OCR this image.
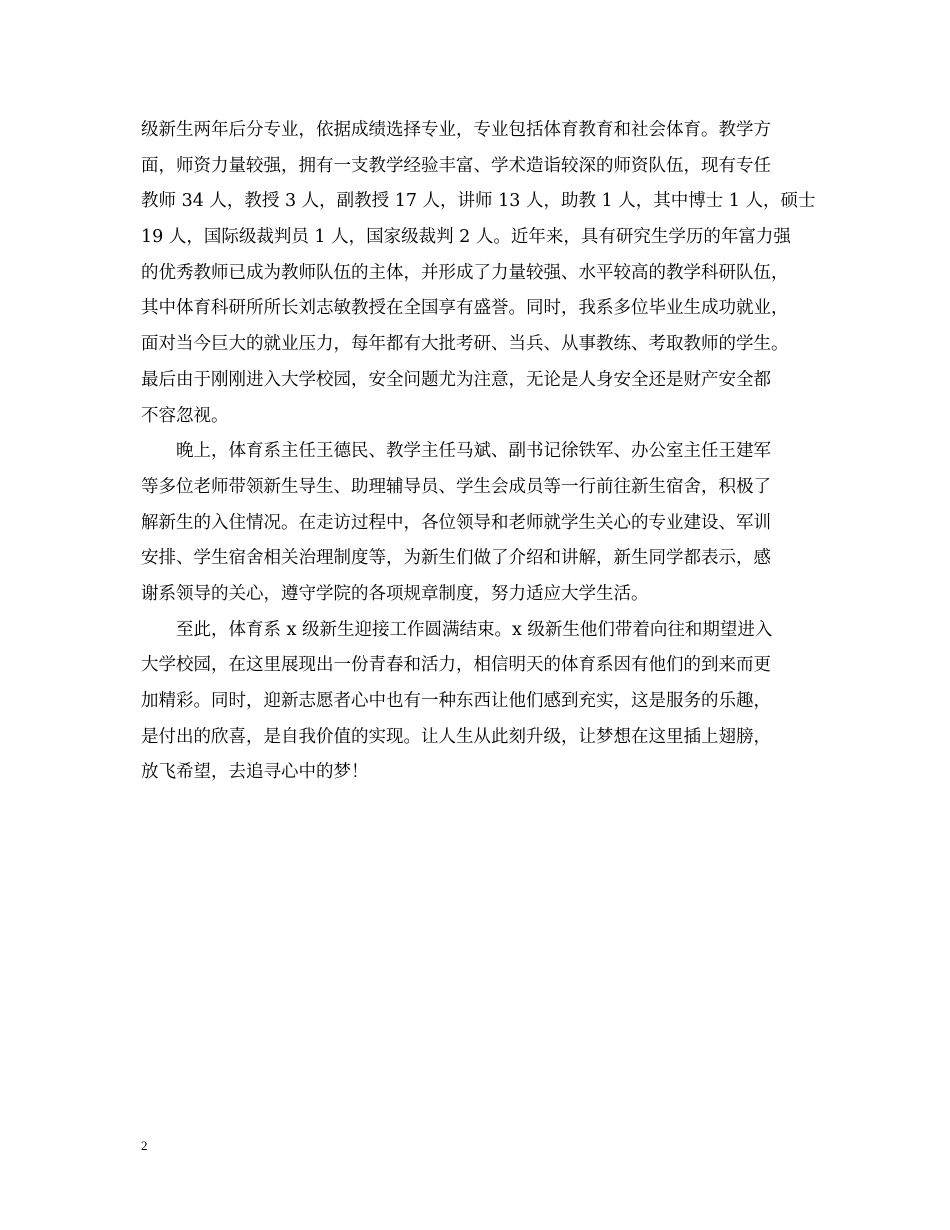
级新生两年后分专业，依据成绩选择专业，专业包括体育教育和社会体育。教学方
面，师资力量较强，拥有一支教学经验丰富、学术造诣较深的师资队伍，现有专任
教师 34 人，教授 3 人，副教授 17 人，讲师 13 人，助教 1 人，其中博士 1 人，硕士
19 人，国际级裁判员 1 人，国家级裁判 2 人。近年来，具有研究生学历的年富力强
的优秀教师已成为教师队伍的主体，并形成了力量较强、水平较高的教学科研队伍，
其中体育科研所所长刘志敏教授在全国享有盛誉。同时，我系多位毕业生成功就业，
面对当今巨大的就业压力，每年都有大批考研、当兵、从事教练、考取教师的学生。
最后由于刚刚进入大学校园，安全问题尤为注意，无论是人身安全还是财产安全都
不容忽视。
晚上，体育系主任王德民、教学主任马斌、副书记徐铁军、办公室主任王建军
等多位老师带领新生导生、助理辅导员、学生会成员等一行前往新生宿舍，积极了
解新生的入住情况。在走访过程中，各位领导和老师就学生关心的专业建设、军训
安排、学生宿舍相关治理制度等，为新生们做了介绍和讲解，新生同学都表示，感
谢系领导的关心，遵守学院的各项规章制度，努力适应大学生活。
至此，体育系 x 级新生迎接工作圆满结束。x 级新生他们带着向往和期望进入
大学校园，在这里展现出一份青春和活力，相信明天的体育系因有他们的到来而更
加精彩。同时，迎新志愿者心中也有一种东西让他们感到充实，这是服务的乐趣，
是付出的欣喜，是自我价值的实现。让人生从此刻升级，让梦想在这里插上翅膀，
放飞希望，去追寻心中的梦！
2
